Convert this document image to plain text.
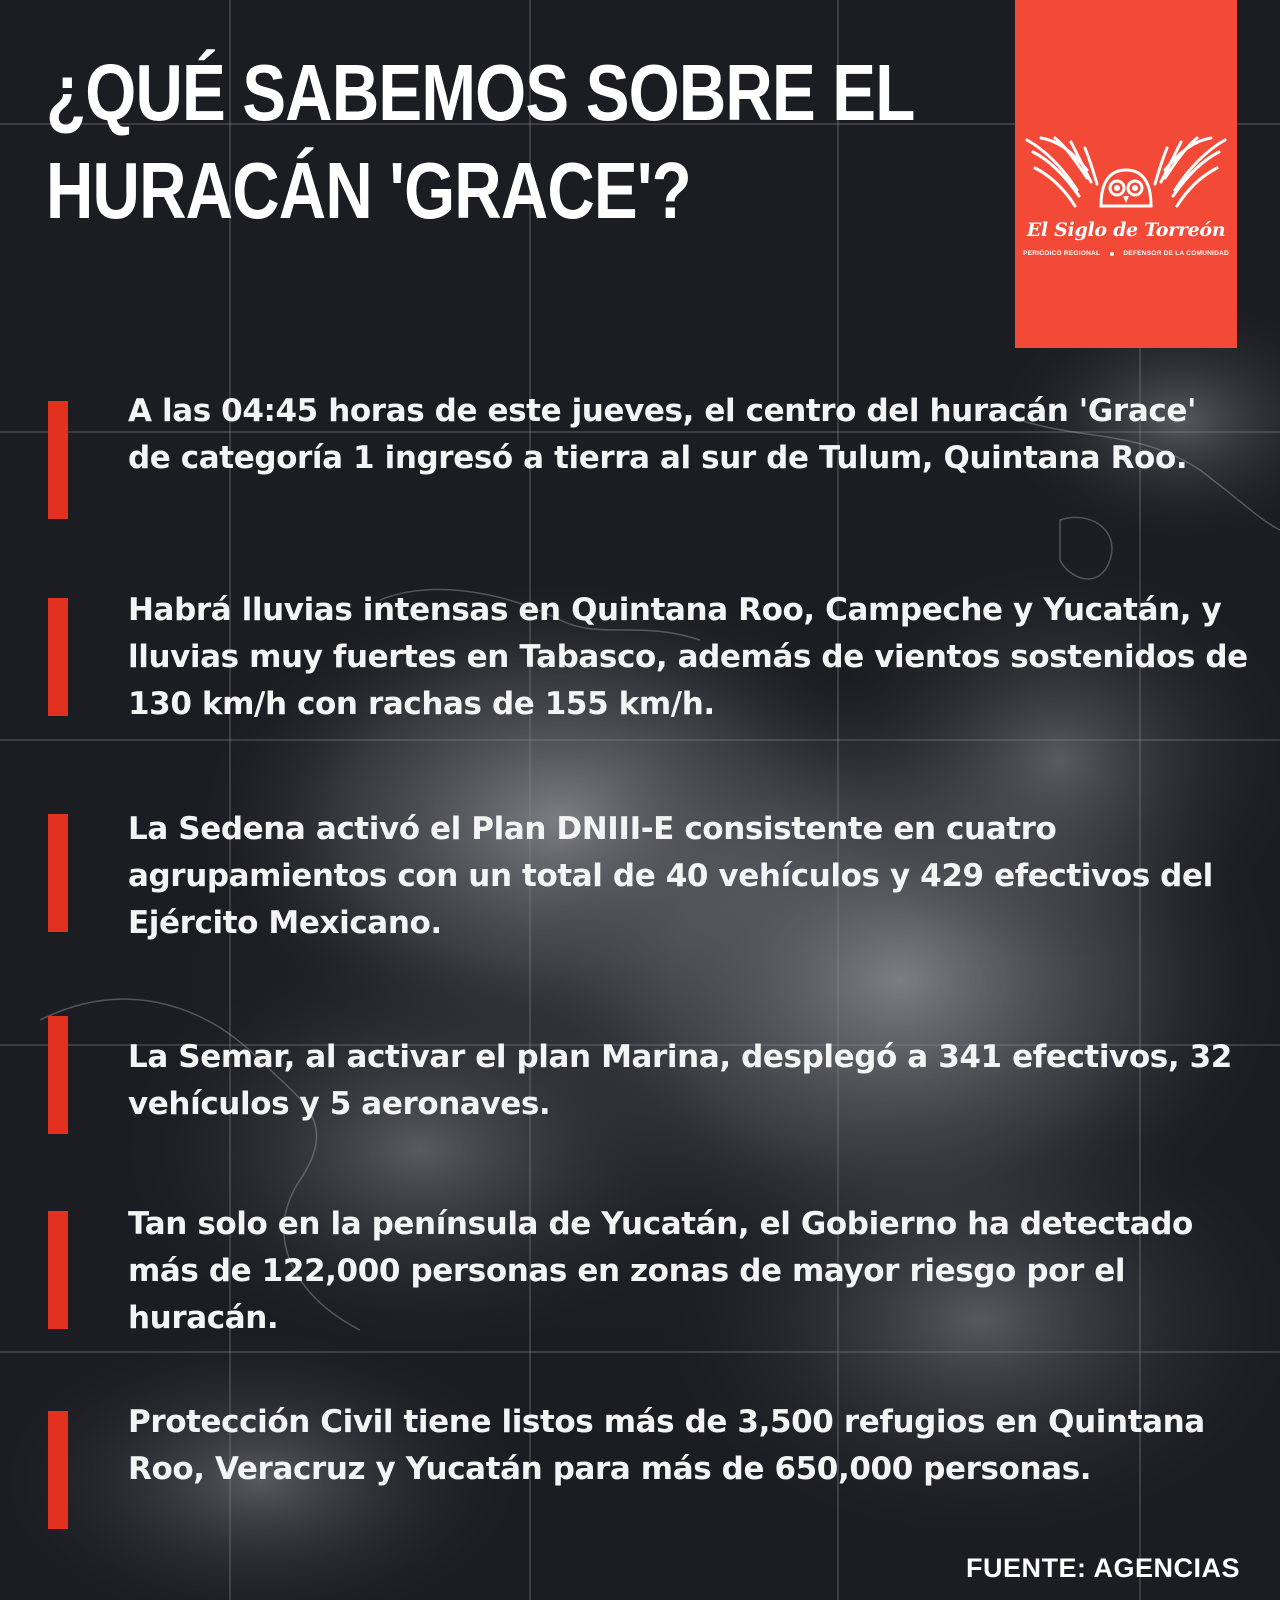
¿QUÉ SABEMOS SOBRE EL HURACÁN 'GRACE'?	El Siglo de Torreón
PERIÓDICO REGIONAL	DEFENSOR DE LA COMUNIDAD
A las 04:45 horas de este jueves, el centro del huracán 'Grace' de categoría 1 ingresó a tierra al sur de Tulum, Quintana Roo.
Habrá lluvias intensas en Quintana Roo, Campeche y Yucatán, y lluvias muy fuertes en Tabasco, además de vientos sostenidos de 130 km/h con rachas de 155 km/h.
La Sedena activó el Plan DNIII-E consistente en cuatro agrupamientos con un total de 40 vehículos y 429 efectivos del Ejército Mexicano.
La Semar, al activar el plan Marina, desplegó a 341 efectivos, 32 vehículos y 5 aeronaves.
Tan solo en la península de Yucatán, el Gobierno ha detectado más de 122,000 personas en zonas de mayor riesgo por el huracán.
Protección Civil tiene listos más de 3,500 refugios en Quintana Roo, Veracruz y Yucatán para más de 650,000 personas.
FUENTE: AGENCIAS
